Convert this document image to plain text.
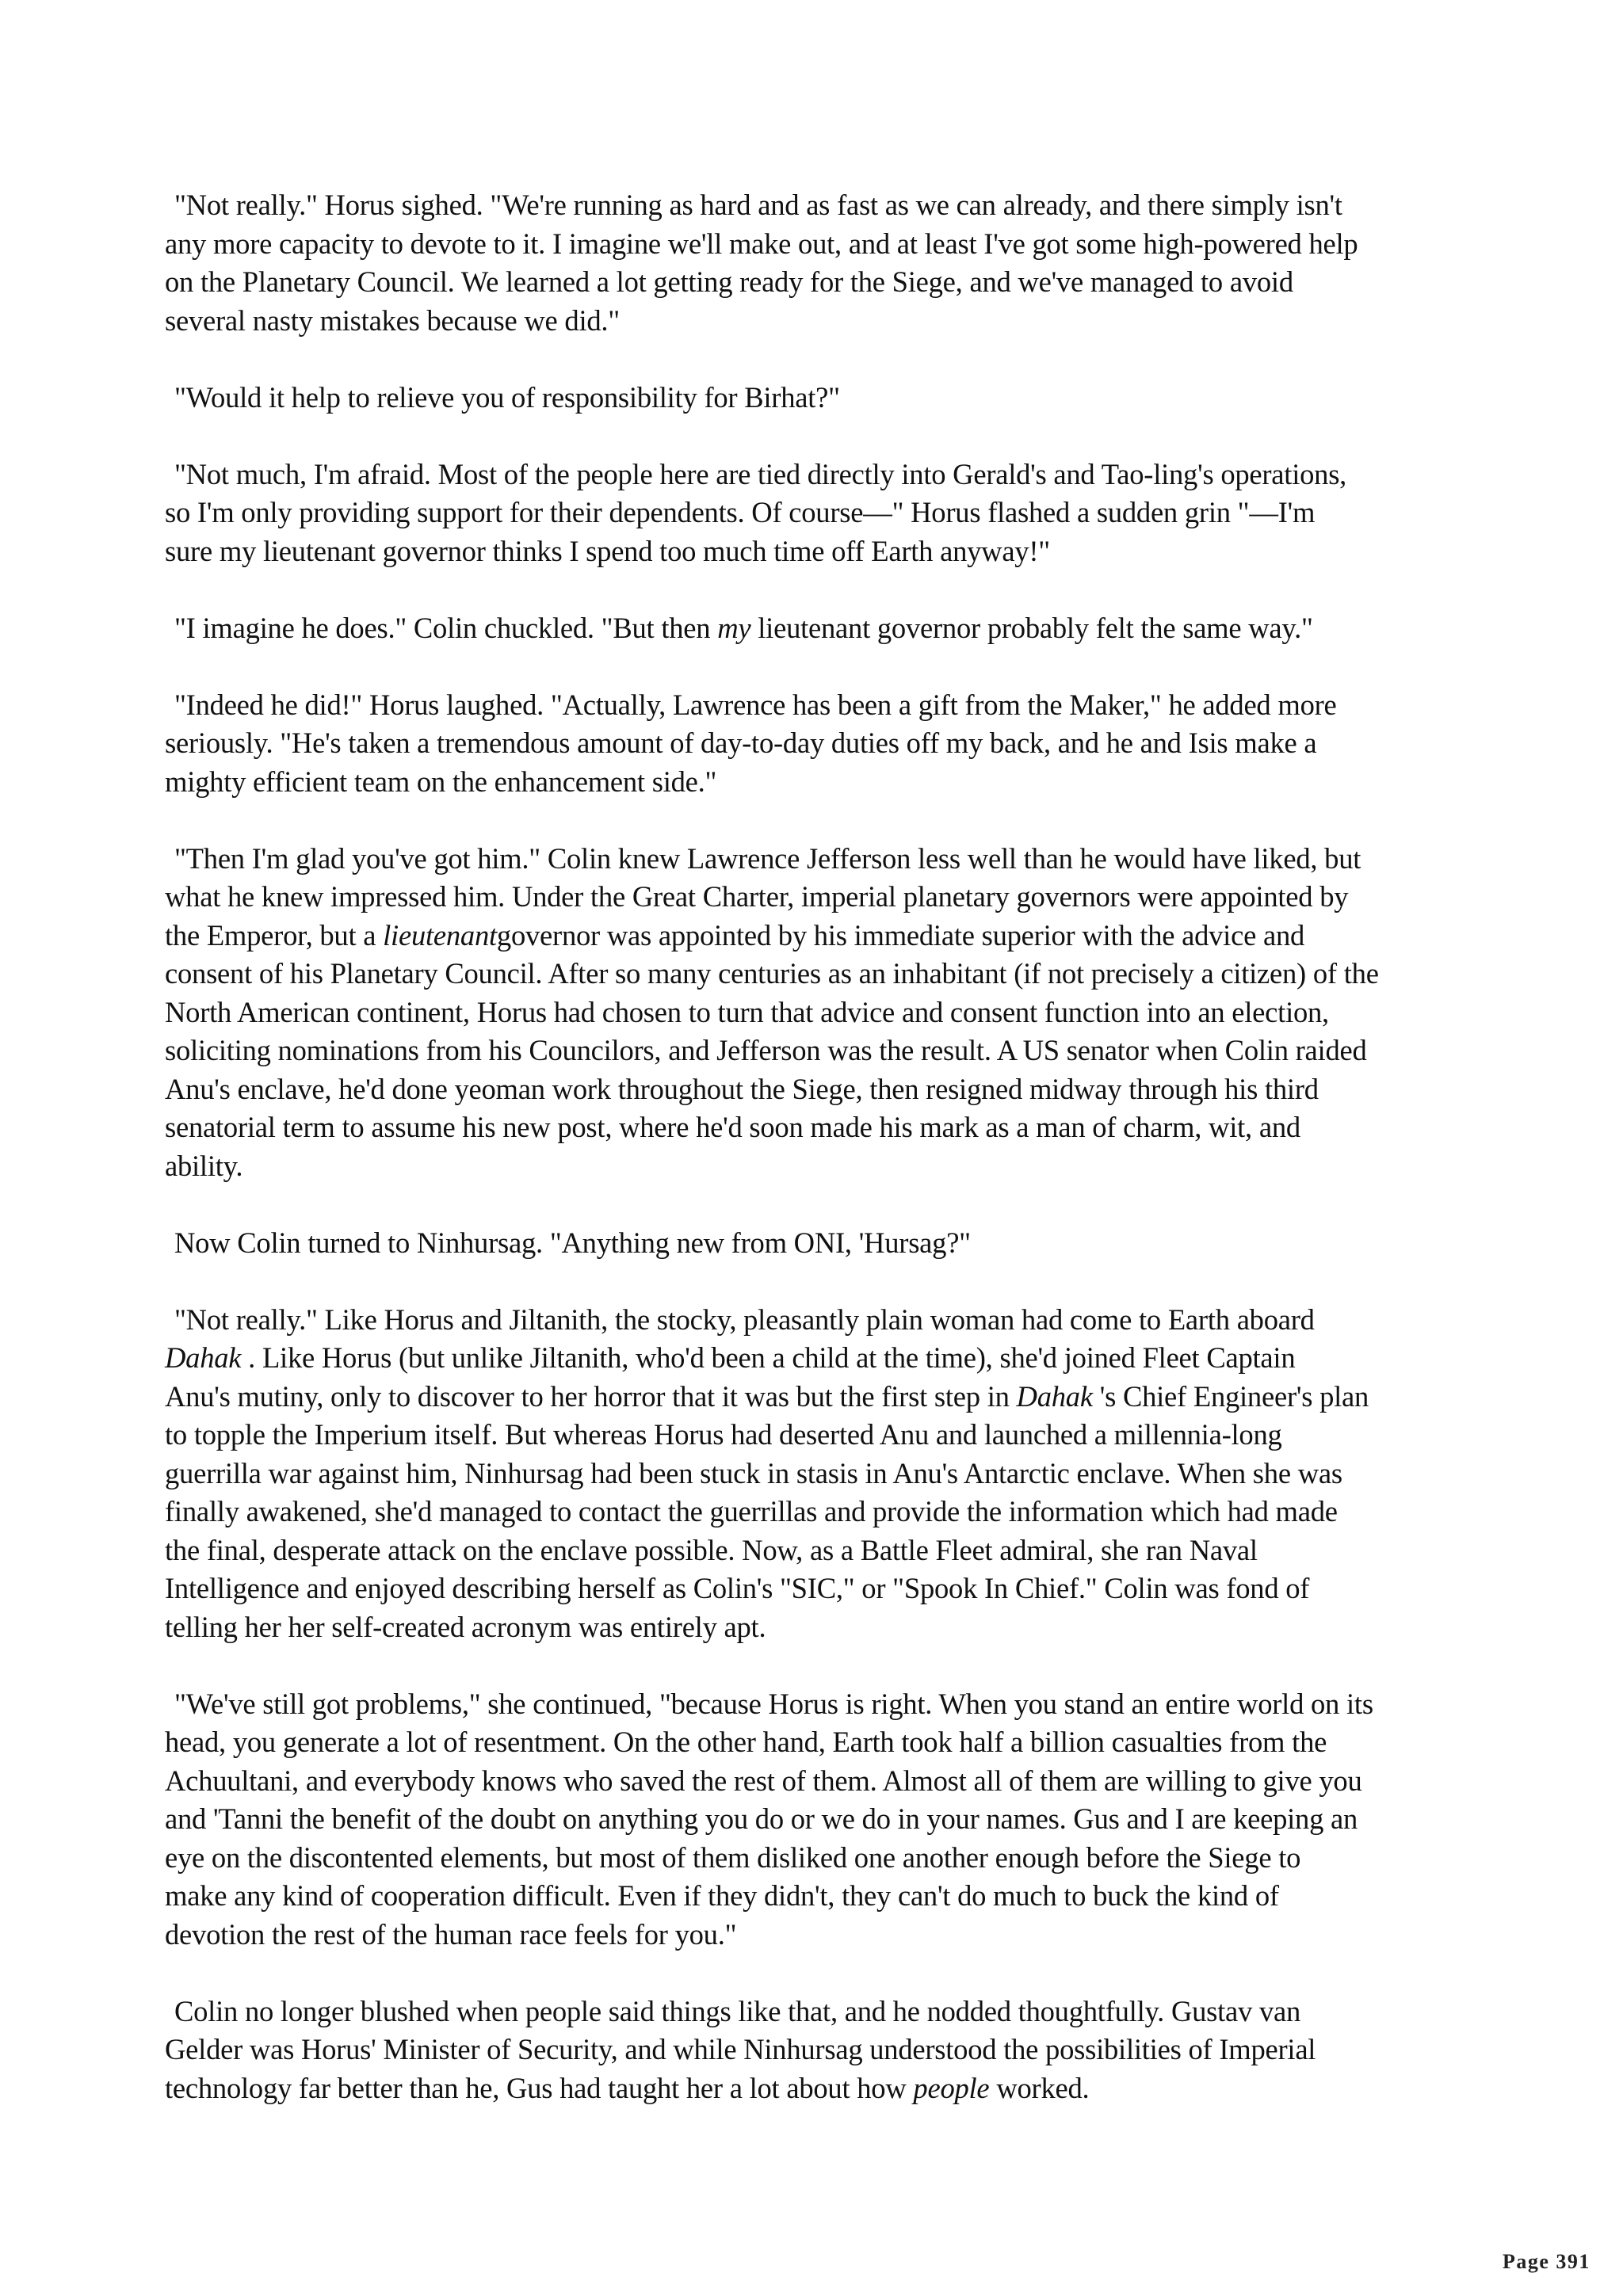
"Not really." Horus sighed. "We're running as hard and as fast as we can already, and there simply isn't
any more capacity to devote to it. I imagine we'll make out, and at least I've got some high-powered help
on the Planetary Council. We learned a lot getting ready for the Siege, and we've managed to avoid
several nasty mistakes because we did."
"Would it help to relieve you of responsibility for Birhat?"
"Not much, I'm afraid. Most of the people here are tied directly into Gerald's and Tao-ling's operations,
so I'm only providing support for their dependents. Of course—" Horus flashed a sudden grin "—I'm
sure my lieutenant governor thinks I spend too much time off Earth anyway!"
"I imagine he does." Colin chuckled. "But then my lieutenant governor probably felt the same way."
"Indeed he did!" Horus laughed. "Actually, Lawrence has been a gift from the Maker," he added more
seriously. "He's taken a tremendous amount of day-to-day duties off my back, and he and Isis make a
mighty efficient team on the enhancement side."
"Then I'm glad you've got him." Colin knew Lawrence Jefferson less well than he would have liked, but
what he knew impressed him. Under the Great Charter, imperial planetary governors were appointed by
the Emperor, but a lieutenantgovernor was appointed by his immediate superior with the advice and
consent of his Planetary Council. After so many centuries as an inhabitant (if not precisely a citizen) of the
North American continent, Horus had chosen to turn that advice and consent function into an election,
soliciting nominations from his Councilors, and Jefferson was the result. A US senator when Colin raided
Anu's enclave, he'd done yeoman work throughout the Siege, then resigned midway through his third
senatorial term to assume his new post, where he'd soon made his mark as a man of charm, wit, and
ability.
Now Colin turned to Ninhursag. "Anything new from ONI, 'Hursag?"
"Not really." Like Horus and Jiltanith, the stocky, pleasantly plain woman had come to Earth aboard
Dahak . Like Horus (but unlike Jiltanith, who'd been a child at the time), she'd joined Fleet Captain
Anu's mutiny, only to discover to her horror that it was but the first step in Dahak 's Chief Engineer's plan
to topple the Imperium itself. But whereas Horus had deserted Anu and launched a millennia-long
guerrilla war against him, Ninhursag had been stuck in stasis in Anu's Antarctic enclave. When she was
finally awakened, she'd managed to contact the guerrillas and provide the information which had made
the final, desperate attack on the enclave possible. Now, as a Battle Fleet admiral, she ran Naval
Intelligence and enjoyed describing herself as Colin's "SIC," or "Spook In Chief." Colin was fond of
telling her her self-created acronym was entirely apt.
"We've still got problems," she continued, "because Horus is right. When you stand an entire world on its
head, you generate a lot of resentment. On the other hand, Earth took half a billion casualties from the
Achuultani, and everybody knows who saved the rest of them. Almost all of them are willing to give you
and 'Tanni the benefit of the doubt on anything you do or we do in your names. Gus and I are keeping an
eye on the discontented elements, but most of them disliked one another enough before the Siege to
make any kind of cooperation difficult. Even if they didn't, they can't do much to buck the kind of
devotion the rest of the human race feels for you."
Colin no longer blushed when people said things like that, and he nodded thoughtfully. Gustav van
Gelder was Horus' Minister of Security, and while Ninhursag understood the possibilities of Imperial
technology far better than he, Gus had taught her a lot about how people worked.
Page 391
